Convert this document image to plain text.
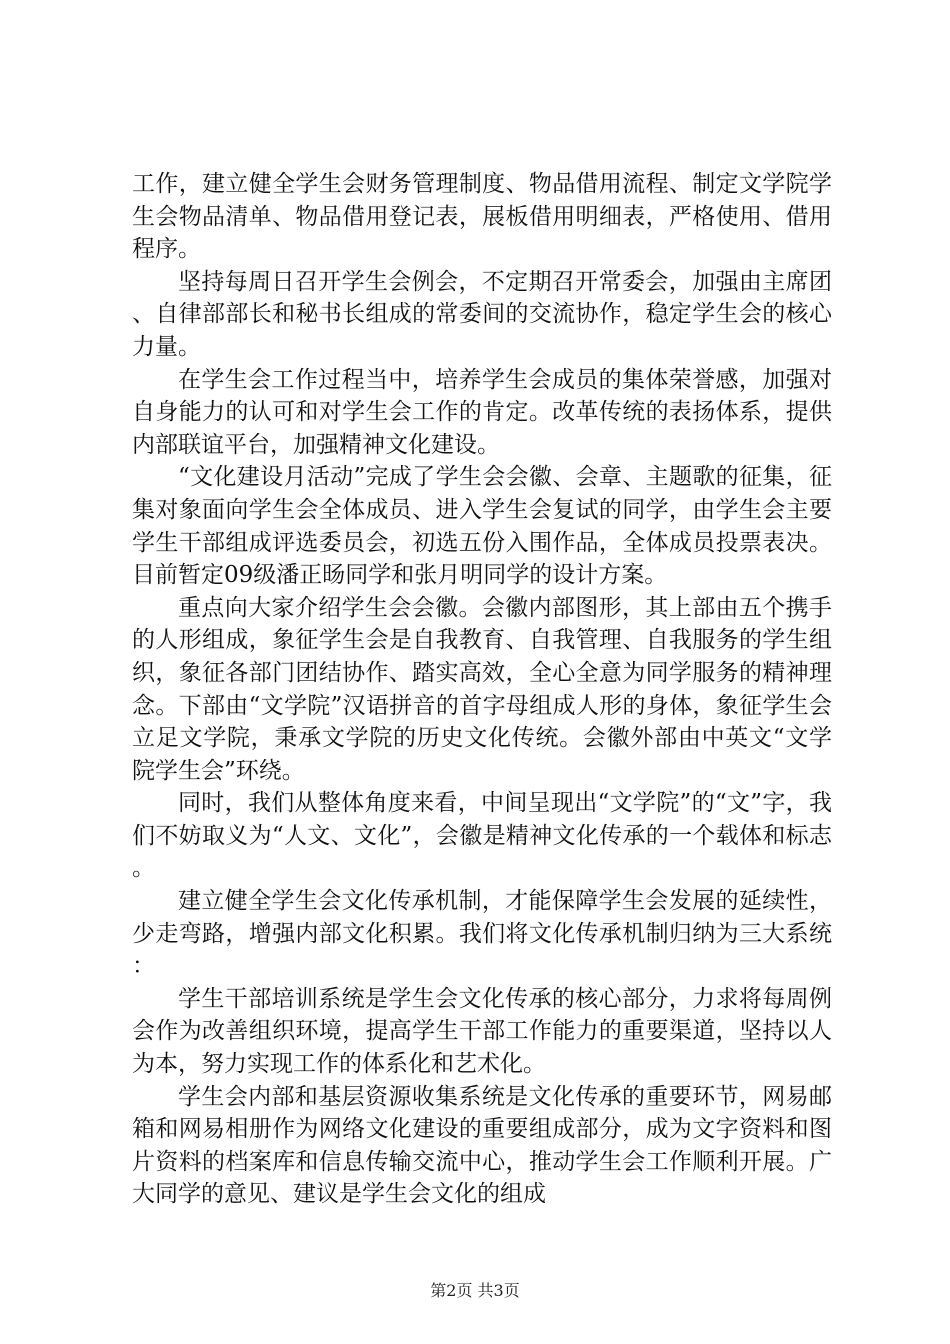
工作，建立健全学生会财务管理制度、物品借用流程、制定文学院学生会物品清单、物品借用登记表，展板借用明细表，严格使用、借用程序。

坚持每周日召开学生会例会，不定期召开常委会，加强由主席团、自律部部长和秘书长组成的常委间的交流协作，稳定学生会的核心力量。

在学生会工作过程当中，培养学生会成员的集体荣誉感，加强对自身能力的认可和对学生会工作的肯定。改革传统的表扬体系，提供内部联谊平台，加强精神文化建设。

“文化建设月活动”完成了学生会会徽、会章、主题歌的征集，征集对象面向学生会全体成员、进入学生会复试的同学，由学生会主要学生干部组成评选委员会，初选五份入围作品，全体成员投票表决。目前暂定09级潘正旸同学和张月明同学的设计方案。

重点向大家介绍学生会会徽。会徽内部图形，其上部由五个携手的人形组成，象征学生会是自我教育、自我管理、自我服务的学生组织，象征各部门团结协作、踏实高效，全心全意为同学服务的精神理念。下部由“文学院”汉语拼音的首字母组成人形的身体，象征学生会立足文学院，秉承文学院的历史文化传统。会徽外部由中英文“文学院学生会”环绕。

同时，我们从整体角度来看，中间呈现出“文学院”的“文”字，我们不妨取义为“人文、文化”，会徽是精神文化传承的一个载体和标志。

建立健全学生会文化传承机制，才能保障学生会发展的延续性，少走弯路，增强内部文化积累。我们将文化传承机制归纳为三大系统：

学生干部培训系统是学生会文化传承的核心部分，力求将每周例会作为改善组织环境，提高学生干部工作能力的重要渠道，坚持以人为本，努力实现工作的体系化和艺术化。

学生会内部和基层资源收集系统是文化传承的重要环节，网易邮箱和网易相册作为网络文化建设的重要组成部分，成为文字资料和图片资料的档案库和信息传输交流中心，推动学生会工作顺利开展。广大同学的意见、建议是学生会文化的组成

第2页 共3页
